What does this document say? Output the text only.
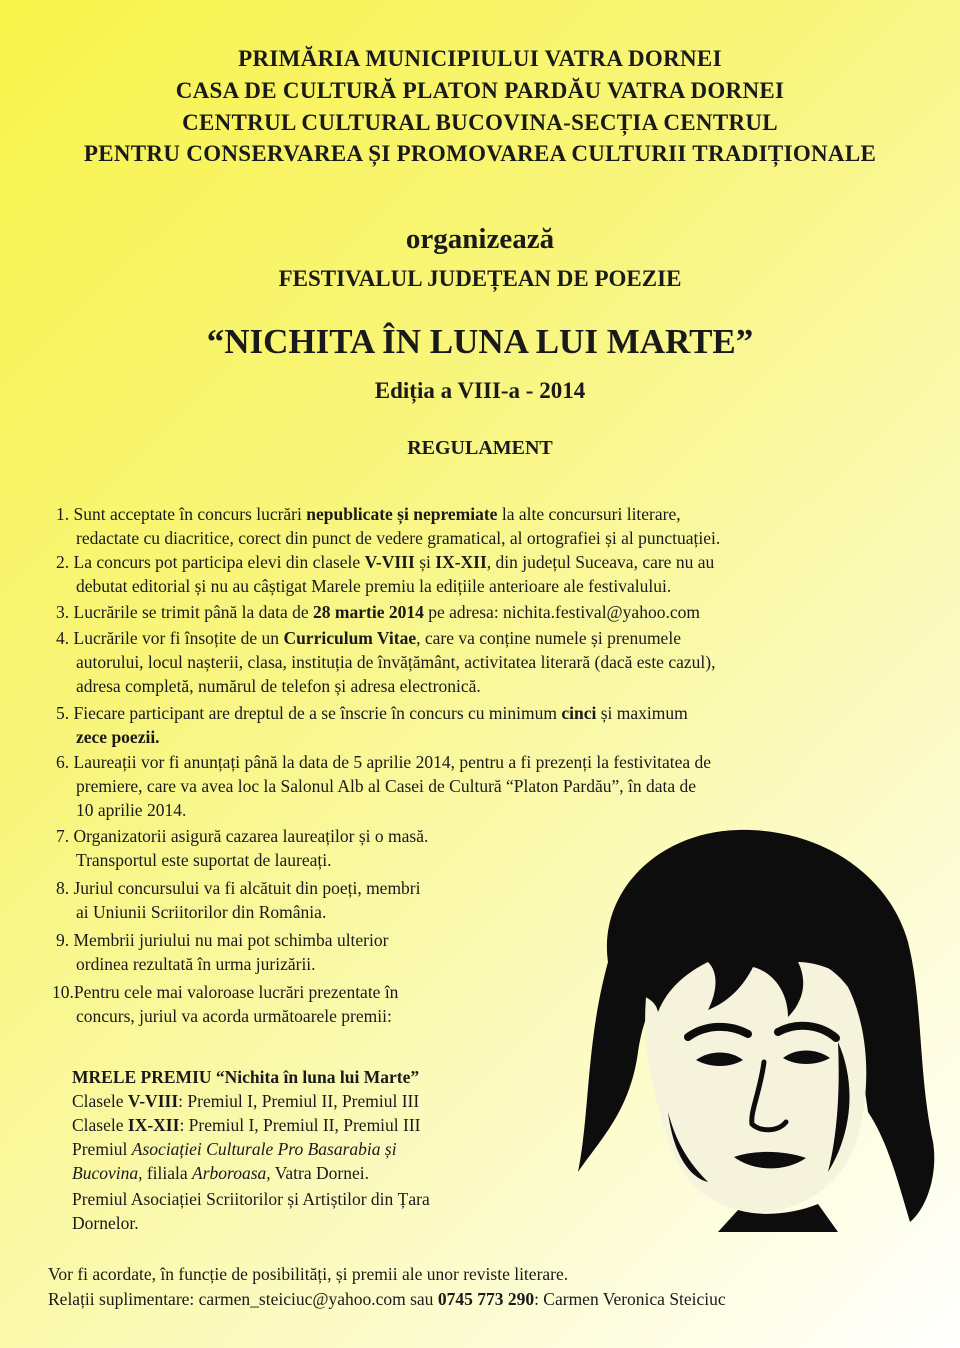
PRIMĂRIA MUNICIPIULUI VATRA DORNEI
CASA DE CULTURĂ PLATON PARDĂU VATRA DORNEI
CENTRUL CULTURAL BUCOVINA-SECȚIA CENTRUL
PENTRU CONSERVAREA ȘI PROMOVAREA CULTURII TRADIȚIONALE
organizează
FESTIVALUL JUDEȚEAN DE POEZIE
“NICHITA ÎN LUNA LUI MARTE”
Ediția a VIII-a - 2014
REGULAMENT

1. Sunt acceptate în concurs lucrări nepublicate și nepremiate la alte concursuri literare,

redactate cu diacritice, corect din punct de vedere gramatical, al ortografiei și al punctuației.

2. La concurs pot participa elevi din clasele V-VIII și IX-XII, din județul Suceava, care nu au

debutat editorial și nu au câștigat Marele premiu la edițiile anterioare ale festivalului.

3. Lucrările se trimit până la data de 28 martie 2014 pe adresa: nichita.festival@yahoo.com

4. Lucrările vor fi însoțite de un Curriculum Vitae, care va conține numele și prenumele

autorului, locul nașterii, clasa, instituția de învățământ, activitatea literară (dacă este cazul),

adresa completă, numărul de telefon și adresa electronică.

5. Fiecare participant are dreptul de a se înscrie în concurs cu minimum cinci și maximum

zece poezii.

6. Laureații vor fi anunțați până la data de 5 aprilie 2014, pentru a fi prezenți la festivitatea de

premiere, care va avea loc la Salonul Alb al Casei de Cultură “Platon Pardău”, în data de

10 aprilie 2014.

7. Organizatorii asigură cazarea laureaților și o masă.

Transportul este suportat de laureați.

8. Juriul concursului va fi alcătuit din poeți, membri

ai Uniunii Scriitorilor din România.

9. Membrii juriului nu mai pot schimba ulterior

ordinea rezultată în urma jurizării.

10.Pentru cele mai valoroase lucrări prezentate în

concurs, juriul va acorda următoarele premii:

MRELE PREMIU “Nichita în luna lui Marte”

Clasele V-VIII: Premiul I, Premiul II, Premiul III

Clasele IX-XII: Premiul I, Premiul II, Premiul III

Premiul Asociației Culturale Pro Basarabia și

Bucovina, filiala Arboroasa, Vatra Dornei.

Premiul Asociației Scriitorilor și Artiștilor din Țara

Dornelor.

Vor fi acordate, în funcție de posibilități, și premii ale unor reviste literare.

Relații suplimentare: carmen_steiciuc@yahoo.com sau 0745 773 290: Carmen Veronica Steiciuc
